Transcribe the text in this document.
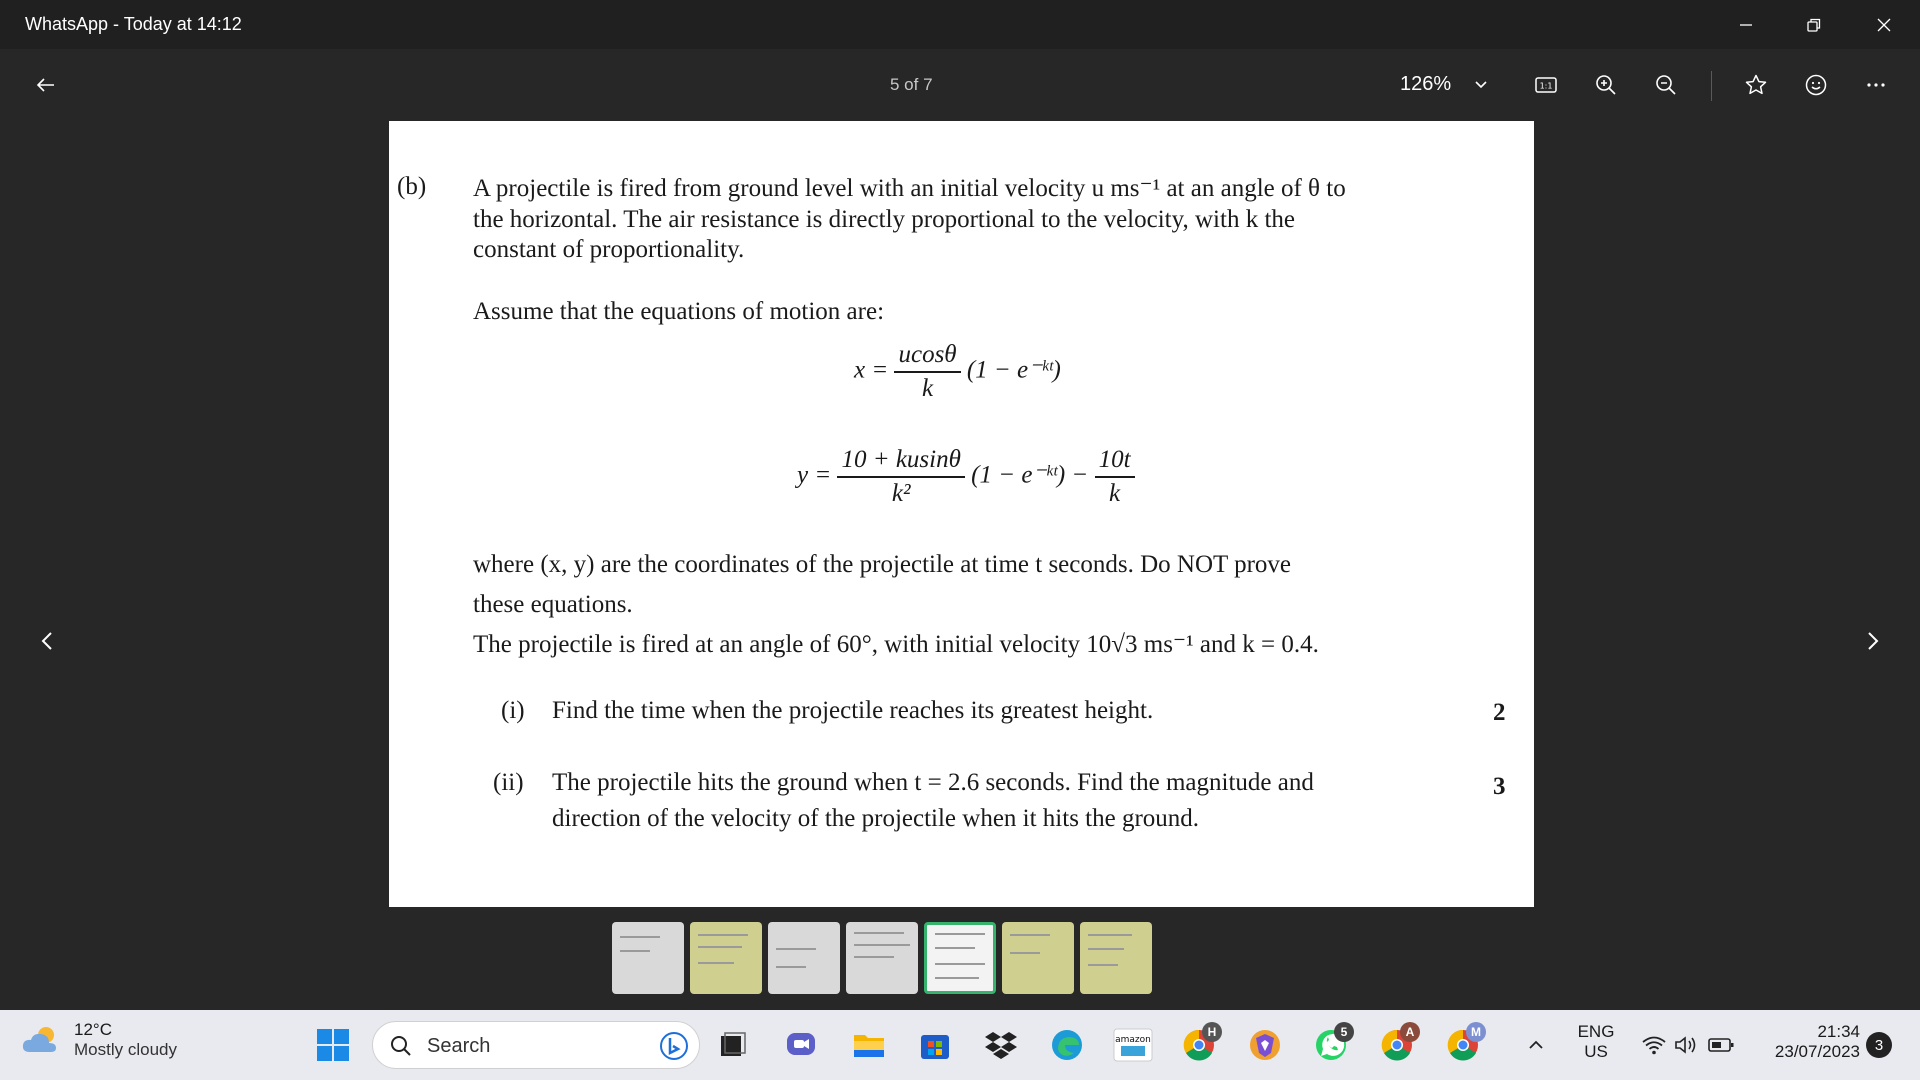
WhatsApp - Today at 14:12
5 of 7	126%	1:1
(b) A projectile is fired from ground level with an initial velocity u ms⁻¹ at an angle of θ to
the horizontal. The air resistance is directly proportional to the velocity, with k the
constant of proportionality.
Assume that the equations of motion are:
$x = \frac{ucos\theta}{k} (1$ − e⁻ᵏᵗ)
$y = \frac{10 + kusin\theta}{\text{k²}} (1$ − e⁻ᵏᵗ) − $\frac{10t}{k}$
where (x, y) are the coordinates of the projectile at time t seconds. Do NOT prove
these equations.
The projectile is fired at an angle of 60°, with initial velocity 10√3 ms⁻¹ and k = 0.4.
(i) Find the time when the projectile reaches its greatest height.	2
(ii) The projectile hits the ground when t = 2.6 seconds. Find the magnitude and
direction of the velocity of the projectile when it hits the ground.
3
12°C
Mostly cloudy	Search	amazon
H	5	A	M	ENG
US
21:34
23/07/2023 3
